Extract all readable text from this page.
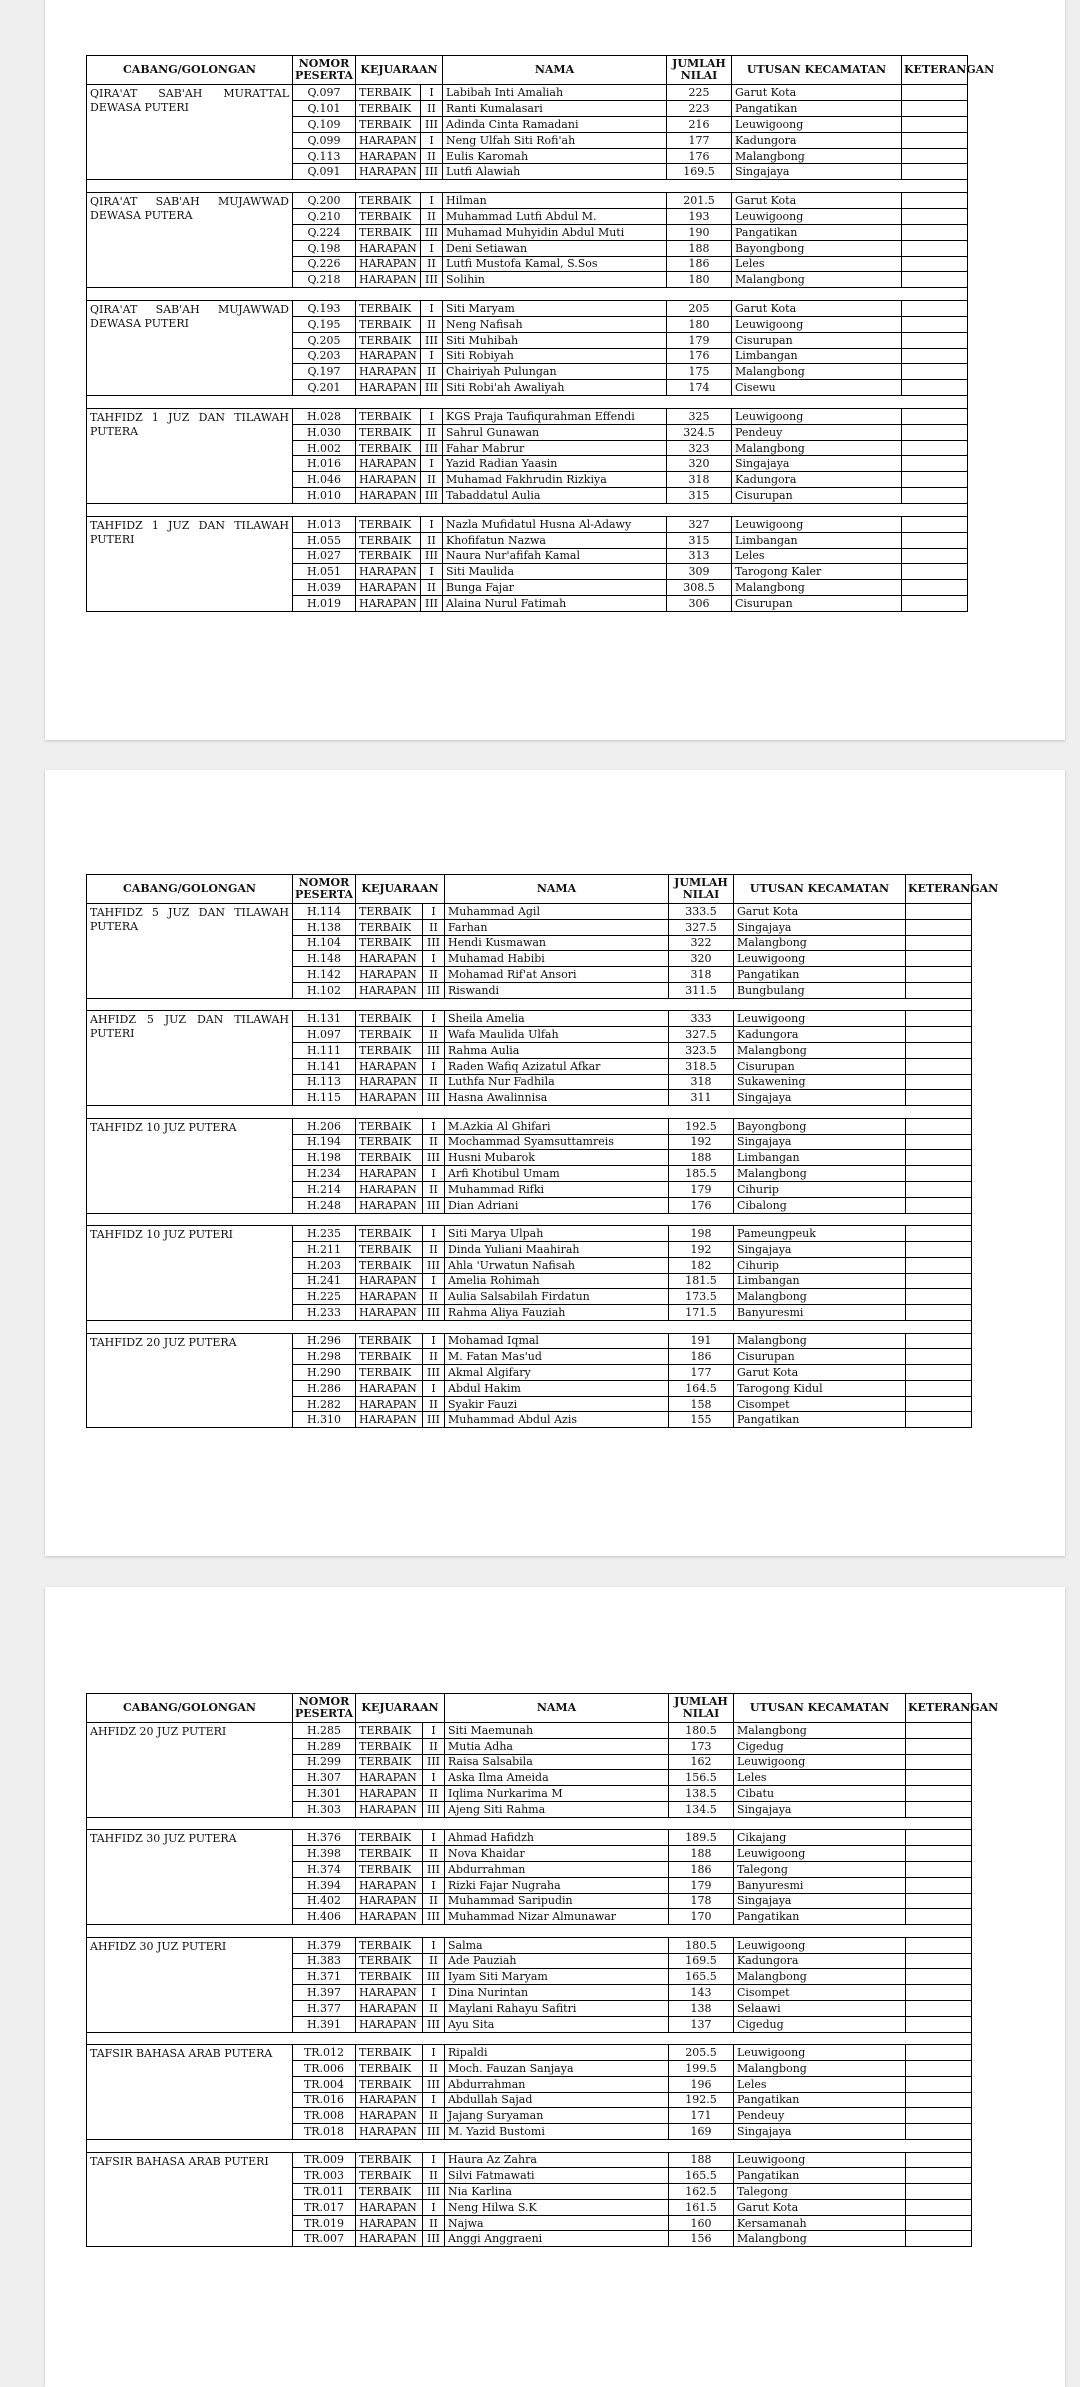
CABANG/GOLONGAN	NOMOR PESERTA	KEJUARAAN		NAMA	JUMLAH NILAI	UTUSAN KECAMATAN	KETERANGAN
QIRA'AT SAB'AH MURATTAL DEWASA PUTERI	Q.097	TERBAIK	I	Labibah Inti Amaliah	225	Garut Kota	
	Q.101	TERBAIK	II	Ranti Kumalasari	223	Pangatikan	
	Q.109	TERBAIK	III	Adinda Cinta Ramadani	216	Leuwigoong	
	Q.099	HARAPAN	I	Neng Ulfah Siti Rofi'ah	177	Kadungora	
	Q.113	HARAPAN	II	Eulis Karomah	176	Malangbong	
	Q.091	HARAPAN	III	Lutfi Alawiah	169.5	Singajaya	

QIRA'AT SAB'AH MUJAWWAD DEWASA PUTERA	Q.200	TERBAIK	I	Hilman	201.5	Garut Kota	
	Q.210	TERBAIK	II	Muhammad Lutfi Abdul M.	193	Leuwigoong	
	Q.224	TERBAIK	III	Muhamad Muhyidin Abdul Muti	190	Pangatikan	
	Q.198	HARAPAN	I	Deni Setiawan	188	Bayongbong	
	Q.226	HARAPAN	II	Lutfi Mustofa Kamal, S.Sos	186	Leles	
	Q.218	HARAPAN	III	Solihin	180	Malangbong	

QIRA'AT SAB'AH MUJAWWAD DEWASA PUTERI	Q.193	TERBAIK	I	Siti Maryam	205	Garut Kota	
	Q.195	TERBAIK	II	Neng Nafisah	180	Leuwigoong	
	Q.205	TERBAIK	III	Siti Muhibah	179	Cisurupan	
	Q.203	HARAPAN	I	Siti Robiyah	176	Limbangan	
	Q.197	HARAPAN	II	Chairiyah Pulungan	175	Malangbong	
	Q.201	HARAPAN	III	Siti Robi'ah Awaliyah	174	Cisewu	

TAHFIDZ 1 JUZ DAN TILAWAH PUTERA	H.028	TERBAIK	I	KGS Praja Taufiqurahman Effendi	325	Leuwigoong	
	H.030	TERBAIK	II	Sahrul Gunawan	324.5	Pendeuy	
	H.002	TERBAIK	III	Fahar Mabrur	323	Malangbong	
	H.016	HARAPAN	I	Yazid Radian Yaasin	320	Singajaya	
	H.046	HARAPAN	II	Muhamad Fakhrudin Rizkiya	318	Kadungora	
	H.010	HARAPAN	III	Tabaddatul Aulia	315	Cisurupan	

TAHFIDZ 1 JUZ DAN TILAWAH PUTERI	H.013	TERBAIK	I	Nazla Mufidatul Husna Al-Adawy	327	Leuwigoong	
	H.055	TERBAIK	II	Khofifatun Nazwa	315	Limbangan	
	H.027	TERBAIK	III	Naura Nur'afifah Kamal	313	Leles	
	H.051	HARAPAN	I	Siti Maulida	309	Tarogong Kaler	
	H.039	HARAPAN	II	Bunga Fajar	308.5	Malangbong	
	H.019	HARAPAN	III	Alaina Nurul Fatimah	306	Cisurupan	
CABANG/GOLONGAN	NOMOR PESERTA	KEJUARAAN		NAMA	JUMLAH NILAI	UTUSAN KECAMATAN	KETERANGAN
TAHFIDZ 5 JUZ DAN TILAWAH PUTERA	H.114	TERBAIK	I	Muhammad Agil	333.5	Garut Kota	
	H.138	TERBAIK	II	Farhan	327.5	Singajaya	
	H.104	TERBAIK	III	Hendi Kusmawan	322	Malangbong	
	H.148	HARAPAN	I	Muhamad Habibi	320	Leuwigoong	
	H.142	HARAPAN	II	Mohamad Rif'at Ansori	318	Pangatikan	
	H.102	HARAPAN	III	Riswandi	311.5	Bungbulang	

AHFIDZ 5 JUZ DAN TILAWAH PUTERI	H.131	TERBAIK	I	Sheila Amelia	333	Leuwigoong	
	H.097	TERBAIK	II	Wafa Maulida Ulfah	327.5	Kadungora	
	H.111	TERBAIK	III	Rahma Aulia	323.5	Malangbong	
	H.141	HARAPAN	I	Raden Wafiq Azizatul Afkar	318.5	Cisurupan	
	H.113	HARAPAN	II	Luthfa Nur Fadhila	318	Sukawening	
	H.115	HARAPAN	III	Hasna Awalinnisa	311	Singajaya	

TAHFIDZ 10 JUZ PUTERA	H.206	TERBAIK	I	M.Azkia Al Ghifari	192.5	Bayongbong	
	H.194	TERBAIK	II	Mochammad Syamsuttamreis	192	Singajaya	
	H.198	TERBAIK	III	Husni Mubarok	188	Limbangan	
	H.234	HARAPAN	I	Arfi Khotibul Umam	185.5	Malangbong	
	H.214	HARAPAN	II	Muhammad Rifki	179	Cihurip	
	H.248	HARAPAN	III	Dian Adriani	176	Cibalong	

TAHFIDZ 10 JUZ PUTERI	H.235	TERBAIK	I	Siti Marya Ulpah	198	Pameungpeuk	
	H.211	TERBAIK	II	Dinda Yuliani Maahirah	192	Singajaya	
	H.203	TERBAIK	III	Ahla 'Urwatun Nafisah	182	Cihurip	
	H.241	HARAPAN	I	Amelia Rohimah	181.5	Limbangan	
	H.225	HARAPAN	II	Aulia Salsabilah Firdatun	173.5	Malangbong	
	H.233	HARAPAN	III	Rahma Aliya Fauziah	171.5	Banyuresmi	

TAHFIDZ 20 JUZ PUTERA	H.296	TERBAIK	I	Mohamad Iqmal	191	Malangbong	
	H.298	TERBAIK	II	M. Fatan Mas'ud	186	Cisurupan	
	H.290	TERBAIK	III	Akmal Algifary	177	Garut Kota	
	H.286	HARAPAN	I	Abdul Hakim	164.5	Tarogong Kidul	
	H.282	HARAPAN	II	Syakir Fauzi	158	Cisompet	
	H.310	HARAPAN	III	Muhammad Abdul Azis	155	Pangatikan	
CABANG/GOLONGAN	NOMOR PESERTA	KEJUARAAN		NAMA	JUMLAH NILAI	UTUSAN KECAMATAN	KETERANGAN
AHFIDZ 20 JUZ PUTERI	H.285	TERBAIK	I	Siti Maemunah	180.5	Malangbong	
	H.289	TERBAIK	II	Mutia Adha	173	Cigedug	
	H.299	TERBAIK	III	Raisa Salsabila	162	Leuwigoong	
	H.307	HARAPAN	I	Aska Ilma Ameida	156.5	Leles	
	H.301	HARAPAN	II	Iqlima Nurkarima M	138.5	Cibatu	
	H.303	HARAPAN	III	Ajeng Siti Rahma	134.5	Singajaya	

TAHFIDZ 30 JUZ PUTERA	H.376	TERBAIK	I	Ahmad Hafidzh	189.5	Cikajang	
	H.398	TERBAIK	II	Nova Khaidar	188	Leuwigoong	
	H.374	TERBAIK	III	Abdurrahman	186	Talegong	
	H.394	HARAPAN	I	Rizki Fajar Nugraha	179	Banyuresmi	
	H.402	HARAPAN	II	Muhammad Saripudin	178	Singajaya	
	H.406	HARAPAN	III	Muhammad Nizar Almunawar	170	Pangatikan	

AHFIDZ 30 JUZ PUTERI	H.379	TERBAIK	I	Salma	180.5	Leuwigoong	
	H.383	TERBAIK	II	Ade Pauziah	169.5	Kadungora	
	H.371	TERBAIK	III	Iyam Siti Maryam	165.5	Malangbong	
	H.397	HARAPAN	I	Dina Nurintan	143	Cisompet	
	H.377	HARAPAN	II	Maylani Rahayu Safitri	138	Selaawi	
	H.391	HARAPAN	III	Ayu Sita	137	Cigedug	

TAFSIR BAHASA ARAB PUTERA	TR.012	TERBAIK	I	Ripaldi	205.5	Leuwigoong	
	TR.006	TERBAIK	II	Moch. Fauzan Sanjaya	199.5	Malangbong	
	TR.004	TERBAIK	III	Abdurrahman	196	Leles	
	TR.016	HARAPAN	I	Abdullah Sajad	192.5	Pangatikan	
	TR.008	HARAPAN	II	Jajang Suryaman	171	Pendeuy	
	TR.018	HARAPAN	III	M. Yazid Bustomi	169	Singajaya	

TAFSIR BAHASA ARAB PUTERI	TR.009	TERBAIK	I	Haura Az Zahra	188	Leuwigoong	
	TR.003	TERBAIK	II	Silvi Fatmawati	165.5	Pangatikan	
	TR.011	TERBAIK	III	Nia Karlina	162.5	Talegong	
	TR.017	HARAPAN	I	Neng Hilwa S.K	161.5	Garut Kota	
	TR.019	HARAPAN	II	Najwa	160	Kersamanah	
	TR.007	HARAPAN	III	Anggi Anggraeni	156	Malangbong	
